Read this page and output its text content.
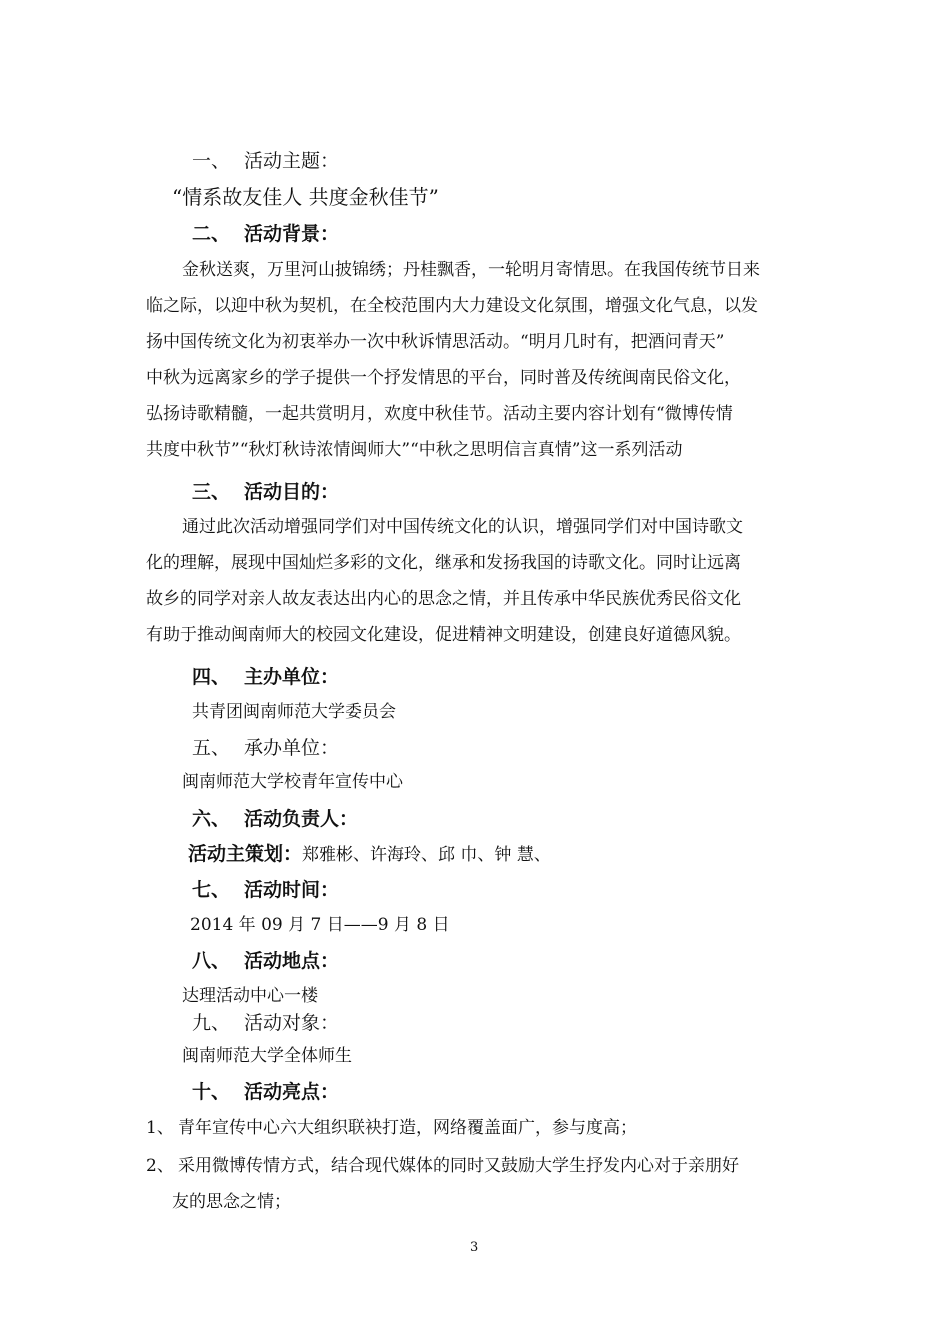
一、 活动主题：
“情系故友佳人 共度金秋佳节”
二、 活动背景：
金秋送爽，万里河山披锦绣；丹桂飘香，一轮明月寄情思。在我国传统节日来
临之际，以迎中秋为契机，在全校范围内大力建设文化氛围，增强文化气息，以发
扬中国传统文化为初衷举办一次中秋诉情思活动。“明月几时有，把酒问青天”
中秋为远离家乡的学子提供一个抒发情思的平台，同时普及传统闽南民俗文化，
弘扬诗歌精髓，一起共赏明月，欢度中秋佳节。活动主要内容计划有“微博传情
共度中秋节”“秋灯秋诗浓情闽师大”“中秋之思明信言真情”这一系列活动
三、 活动目的：
通过此次活动增强同学们对中国传统文化的认识，增强同学们对中国诗歌文
化的理解，展现中国灿烂多彩的文化，继承和发扬我国的诗歌文化。同时让远离
故乡的同学对亲人故友表达出内心的思念之情，并且传承中华民族优秀民俗文化
有助于推动闽南师大的校园文化建设，促进精神文明建设，创建良好道德风貌。
四、 主办单位：
共青团闽南师范大学委员会
五、 承办单位：
闽南师范大学校青年宣传中心
六、 活动负责人：
活动主策划：郑雅彬、许海玲、邱 巾、钟 慧、
七、 活动时间：
2014 年 09 月 7 日——9 月 8 日
八、 活动地点：
达理活动中心一楼
九、 活动对象：
闽南师范大学全体师生
十、 活动亮点：
1、 青年宣传中心六大组织联袂打造，网络覆盖面广，参与度高；
2、 采用微博传情方式，结合现代媒体的同时又鼓励大学生抒发内心对于亲朋好
友的思念之情；
3
